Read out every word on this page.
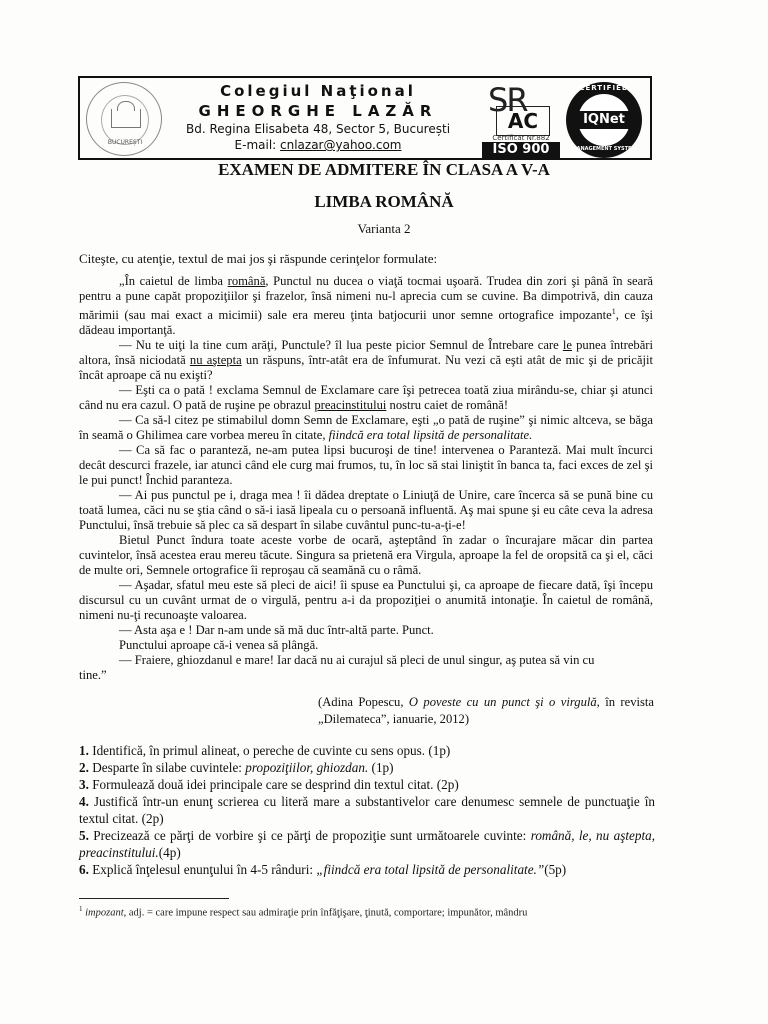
BUCUREȘTI
Colegiul Naţional
GHEORGHE LAZĂR
Bd. Regina Elisabeta 48, Sector 5, București
E-mail: cnlazar@yahoo.com
SR
AC
Certificat Nr.882
ISO 900
CERTIFIED
IQNet
MANAGEMENT SYSTEM
EXAMEN DE ADMITERE ÎN CLASA A V-A
LIMBA ROMÂNĂ
Varianta 2
Citeşte, cu atenţie, textul de mai jos şi răspunde cerinţelor formulate:

„În caietul de limba română, Punctul nu ducea o viaţă tocmai uşoară. Trudea din zori şi până în seară pentru a pune capăt propoziţiilor şi frazelor, însă nimeni nu-l aprecia cum se cuvine. Ba dimpotrivă, din cauza mărimii (sau mai exact a micimii) sale era mereu ţinta batjocurii unor semne ortografice impozante$^1$, ce îşi dădeau importanţă.

— Nu te uiţi la tine cum arăţi, Punctule? îl lua peste picior Semnul de Întrebare care le punea întrebări altora, însă niciodată nu aştepta un răspuns, într-atât era de înfumurat. Nu vezi că eşti atât de mic şi de pricăjit încât aproape că nu exişti?

— Eşti ca o pată ! exclama Semnul de Exclamare care îşi petrecea toată ziua mirându-se, chiar şi atunci când nu era cazul. O pată de ruşine pe obrazul preacinstitului nostru caiet de română!

— Ca să-l citez pe stimabilul domn Semn de Exclamare, eşti „o pată de ruşine” şi nimic altceva, se băga în seamă o Ghilimea care vorbea mereu în citate, fiindcă era total lipsită de personalitate.

— Ca să fac o paranteză, ne-am putea lipsi bucuroşi de tine! intervenea o Paranteză. Mai mult încurci decât descurci frazele, iar atunci când ele curg mai frumos, tu, în loc să stai liniştit în banca ta, faci exces de zel şi le pui punct! Închid paranteza.

— Ai pus punctul pe i, draga mea ! îi dădea dreptate o Liniuţă de Unire, care încerca să se pună bine cu toată lumea, căci nu se ştia când o să-i iasă lipeala cu o persoană influentă. Aş mai spune şi eu câte ceva la adresa Punctului, însă trebuie să plec ca să despart în silabe cuvântul punc-tu-a-ţi-e!

Bietul Punct îndura toate aceste vorbe de ocară, aşteptând în zadar o încurajare măcar din partea cuvintelor, însă acestea erau mereu tăcute. Singura sa prietenă era Virgula, aproape la fel de oropsită ca şi el, căci de multe ori, Semnele ortografice îi reproşau că seamănă cu o râmă.

— Aşadar, sfatul meu este să pleci de aici! îi spuse ea Punctului şi, ca aproape de fiecare dată, îşi începu discursul cu un cuvânt urmat de o virgulă, pentru a-i da propoziţiei o anumită intonaţie. În caietul de română, nimeni nu-ţi recunoaşte valoarea.

— Asta aşa e ! Dar n-am unde să mă duc într-altă parte. Punct.

Punctului aproape că-i venea să plângă.

— Fraiere, ghiozdanul e mare! Iar dacă nu ai curajul să pleci de unul singur, aş putea să vin cu

tine.”

(Adina Popescu, O poveste cu un punct şi o virgulă, în revista „Dilemateca”, ianuarie, 2012)

1. Identifică, în primul alineat, o pereche de cuvinte cu sens opus. (1p)

2. Desparte în silabe cuvintele: propoziţiilor, ghiozdan. (1p)

3. Formulează două idei principale care se desprind din textul citat. (2p)

4. Justifică într-un enunţ scrierea cu literă mare a substantivelor care denumesc semnele de punctuaţie în textul citat. (2p)

5. Precizează ce părţi de vorbire şi ce părţi de propoziţie sunt următoarele cuvinte: română, le, nu aşteptа, preacinstitului.(4p)

6. Explică înţelesul enunţului în 4-5 rânduri: „fiindcă era total lipsită de personalitate.”(5p)

$^1$ impozant, adj. = care impune respect sau admiraţie prin înfăţişare, ţinută, comportare; impunător, mândru
